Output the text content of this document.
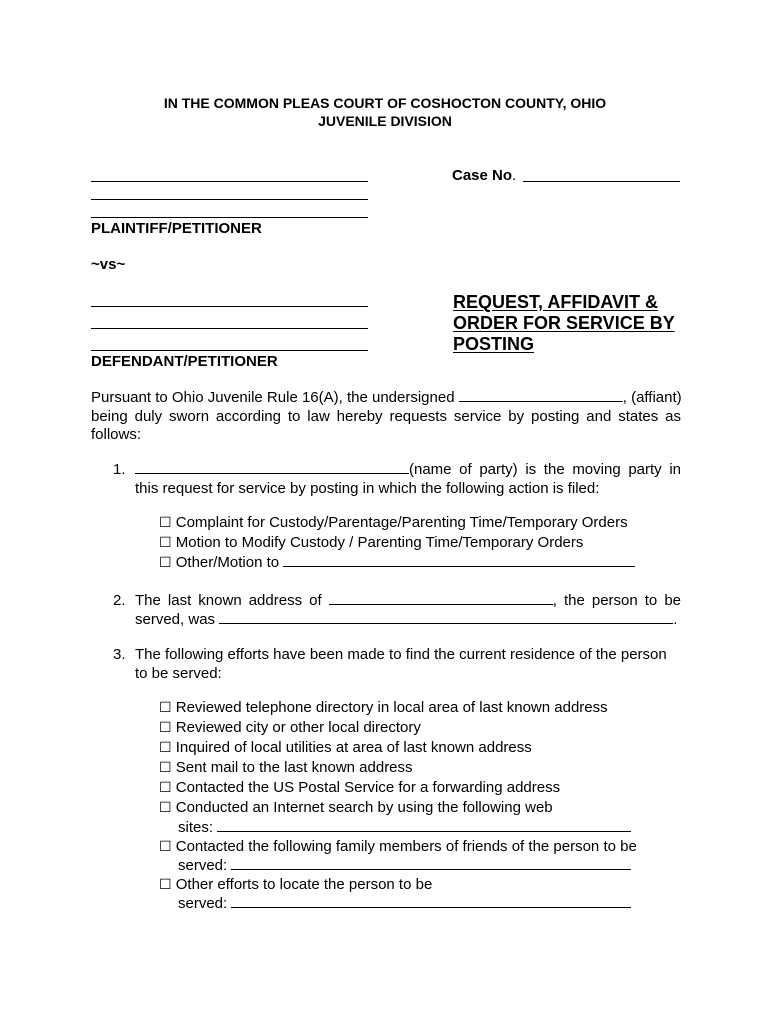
IN THE COMMON PLEAS COURT OF COSHOCTON COUNTY, OHIO
JUVENILE DIVISION
PLAINTIFF/PETITIONER
Case No.
~vs~
DEFENDANT/PETITIONER
REQUEST, AFFIDAVIT &
ORDER FOR SERVICE BY
POSTING
Pursuant to Ohio Juvenile Rule 16(A), the undersigned	, (affiant)
being duly sworn according to law hereby requests service by posting and states as
follows:
1.	(name of party) is the moving party in
this request for service by posting in which the following action is filed:
☐ Complaint for Custody/Parentage/Parenting Time/Temporary Orders
☐ Motion to Modify Custody / Parenting Time/Temporary Orders
☐ Other/Motion to
2. The last known address of	, the person to be
served, was	.
3. The following efforts have been made to find the current residence of the person
to be served:
☐ Reviewed telephone directory in local area of last known address
☐ Reviewed city or other local directory
☐ Inquired of local utilities at area of last known address
☐ Sent mail to the last known address
☐ Contacted the US Postal Service for a forwarding address
☐ Conducted an Internet search by using the following web
sites:
☐ Contacted the following family members of friends of the person to be
served:
☐ Other efforts to locate the person to be
served:
